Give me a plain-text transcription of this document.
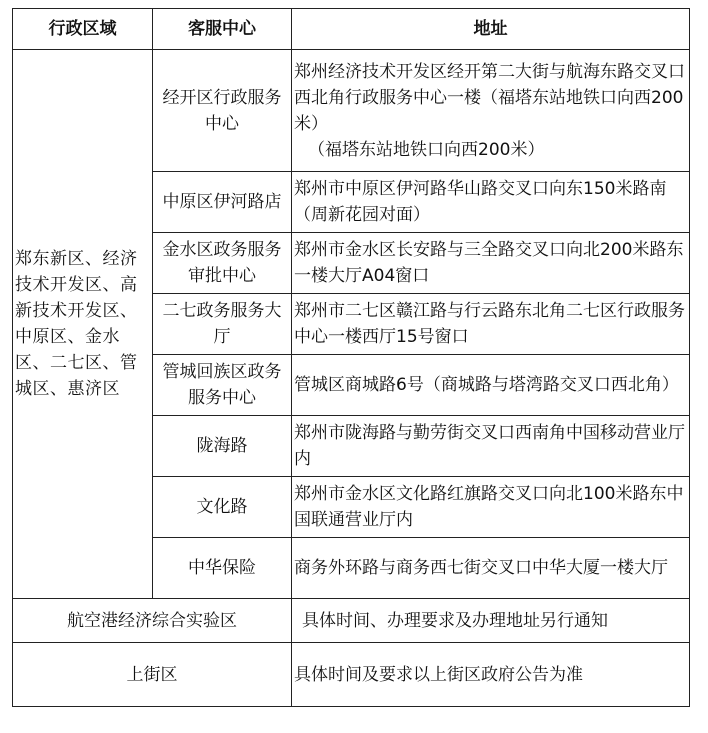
行政区域	客服中心	地址
郑东新区、经济技术开发区、高新技术开发区、中原区、金水区、二七区、管城区、惠济区	经开区行政服务中心	郑州经济技术开发区经开第二大街与航海东路交叉口西北角行政服务中心一楼（福塔东站地铁口向西200米）
（福塔东站地铁口向西200米）

	中原区伊河路店	郑州市中原区伊河路华山路交叉口向东150米路南（周新花园对面）
	金水区政务服务审批中心	郑州市金水区长安路与三全路交叉口向北200米路东一楼大厅A04窗口
	二七政务服务大厅	郑州市二七区赣江路与行云路东北角二七区行政服务中心一楼西厅15号窗口
	管城回族区政务服务中心	管城区商城路6号（商城路与塔湾路交叉口西北角）
	陇海路	郑州市陇海路与勤劳街交叉口西南角中国移动营业厅内
	文化路	郑州市金水区文化路红旗路交叉口向北100米路东中国联通营业厅内
	中华保险	商务外环路与商务西七街交叉口中华大厦一楼大厅
航空港经济综合实验区		具体时间、办理要求及办理地址另行通知
上街区		具体时间及要求以上街区政府公告为准
